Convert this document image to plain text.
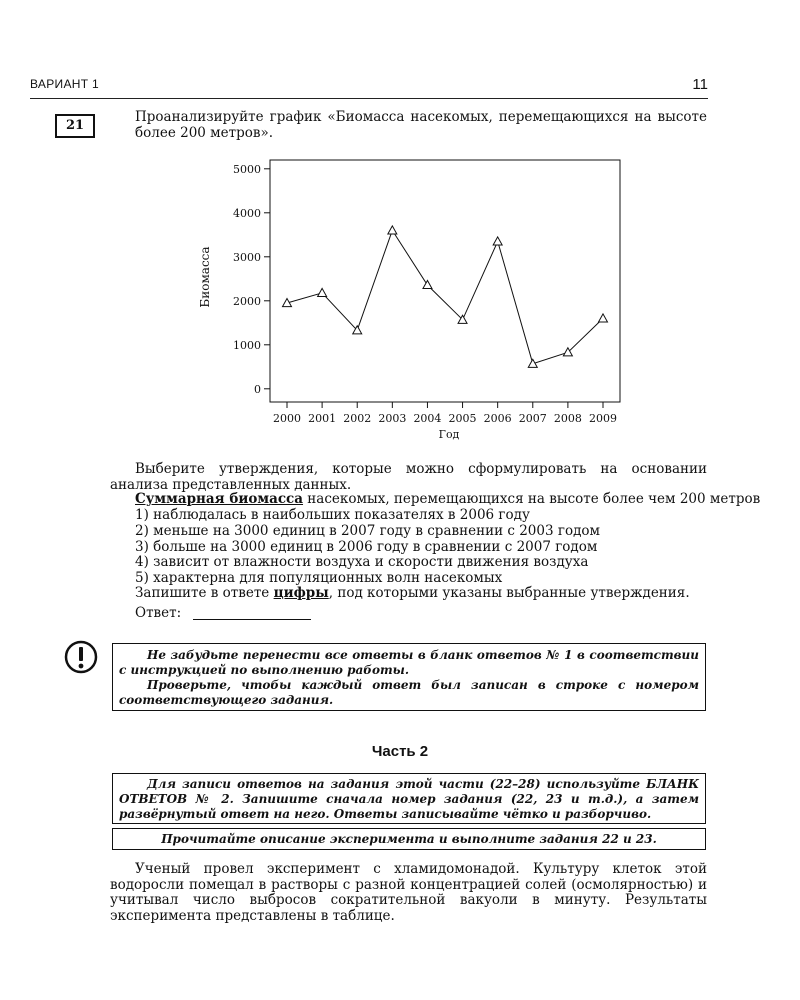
ВАРИАНТ 1	11
21
Проанализируйте график «Биомасса насекомых, перемещающихся на высоте более 200 метров».
0
1000
2000
3000
4000
5000
2000 2001 2002 2003 2004 2005 2006 2007 2008 2009
Биомасса
Год
Выберите утверждения, которые можно сформулировать на основании анализа представленных данных.
Суммарная биомасса насекомых, перемещающихся на высоте более чем 200 метров
1) наблюдалась в наибольших показателях в 2006 году
2) меньше на 3000 единиц в 2007 году в сравнении с 2003 годом
3) больше на 3000 единиц в 2006 году в сравнении с 2007 годом
4) зависит от влажности воздуха и скорости движения воздуха
5) характерна для популяционных волн насекомых
Запишите в ответе цифры, под которыми указаны выбранные утверждения.
Ответ:

Не забудьте перенести все ответы в бланк ответов № 1 в соответствии с инструкцией по выполнению работы.

Проверьте, чтобы каждый ответ был записан в строке с номером соответствующего задания.

Часть 2

Для записи ответов на задания этой части (22–28) используйте БЛАНК ОТВЕТОВ № 2. Запишите сначала номер задания (22, 23 и т.д.), а затем развёрнутый ответ на него. Ответы записывайте чётко и разборчиво.

Прочитайте описание эксперимента и выполните задания 22 и 23.
Ученый провел эксперимент с хламидомонадой. Культуру клеток этой водоросли помещал в растворы с разной концентрацией солей (осмолярностью) и учитывал число выбросов сократительной вакуоли в минуту. Результаты эксперимента представлены в таблице.
